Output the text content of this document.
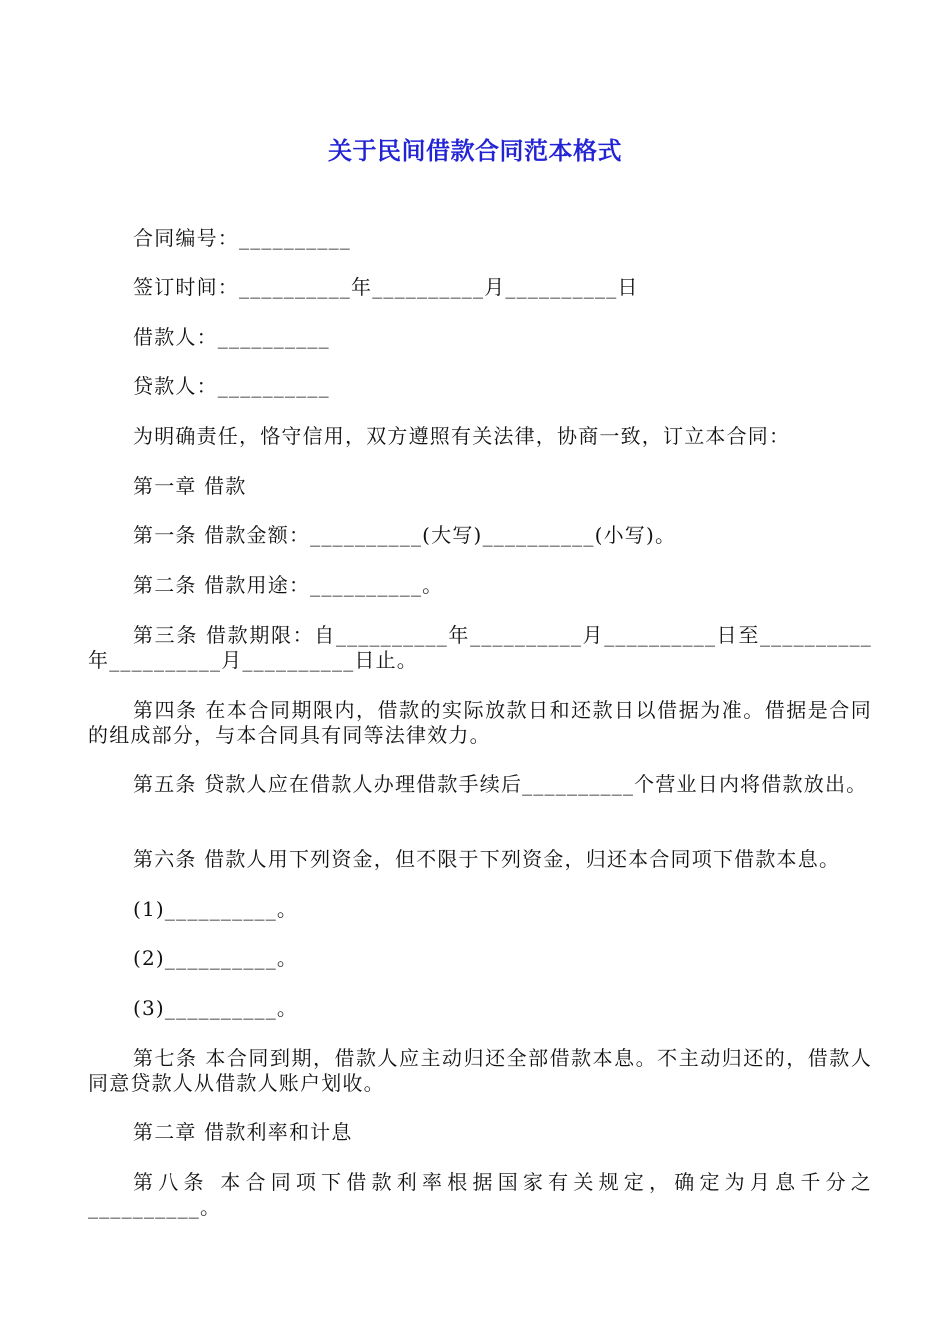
关于民间借款合同范本格式
合同编号：__________
签订时间：__________年__________月__________日
借款人：__________
贷款人：__________
为明确责任，恪守信用，双方遵照有关法律，协商一致，订立本合同：
第一章 借款
第一条 借款金额：__________(大写)__________(小写)。
第二条 借款用途：__________。
第三条 借款期限：自__________年__________月__________日至__________年__________月__________日止。
第四条 在本合同期限内，借款的实际放款日和还款日以借据为准。借据是合同的组成部分，与本合同具有同等法律效力。
第五条 贷款人应在借款人办理借款手续后__________个营业日内将借款放出。
第六条 借款人用下列资金，但不限于下列资金，归还本合同项下借款本息。
(1)__________。
(2)__________。
(3)__________。
第七条 本合同到期，借款人应主动归还全部借款本息。不主动归还的，借款人同意贷款人从借款人账户划收。
第二章 借款利率和计息
第八条 本合同项下借款利率根据国家有关规定，确定为月息千分之__________。
